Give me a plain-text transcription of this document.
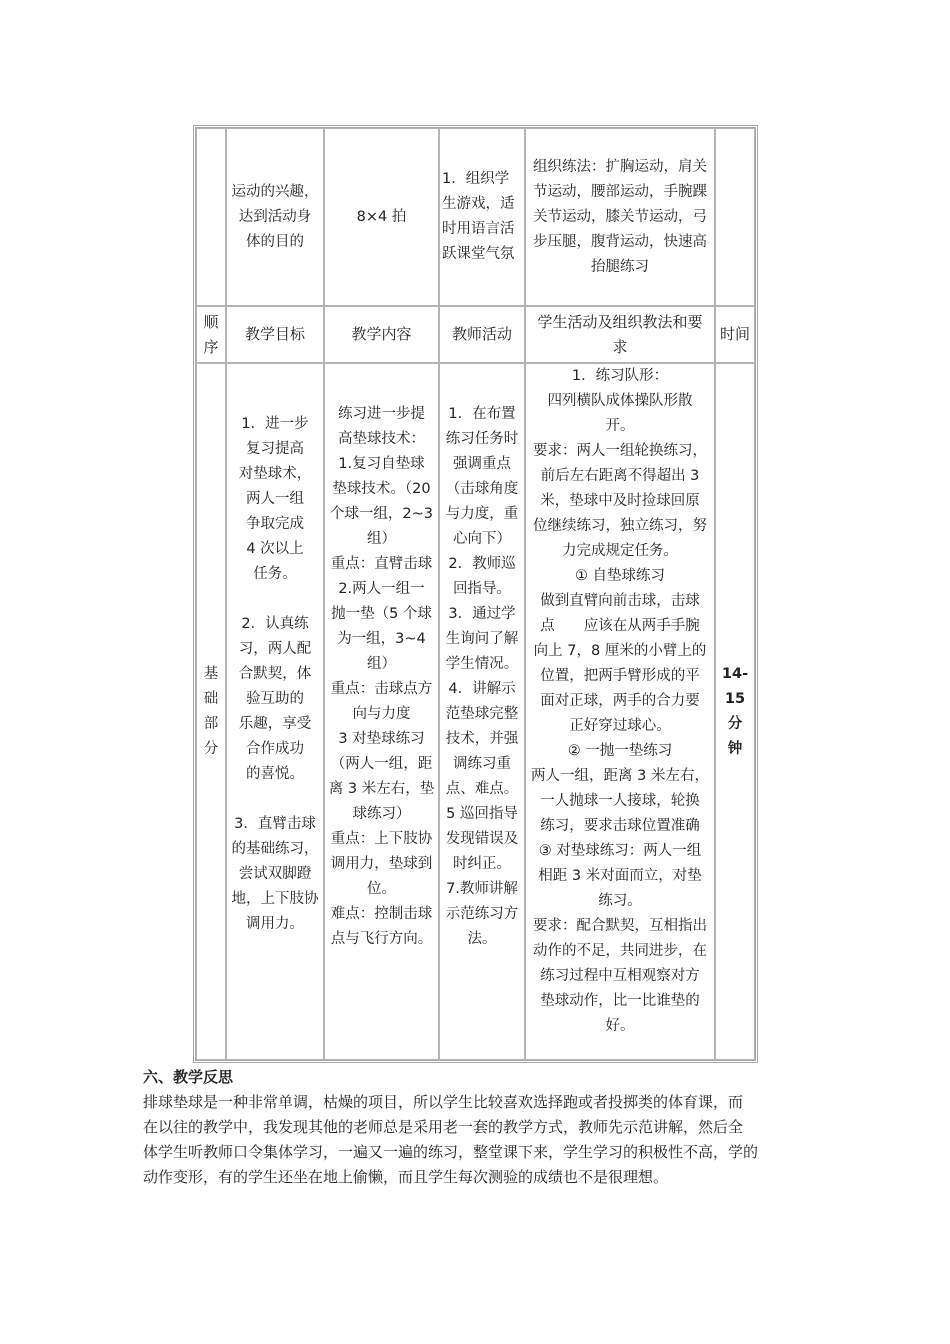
运动的兴趣，
达到活动身
体的目的
8×4 拍
1．组织学
生游戏，适
时用语言活
跃课堂气氛
组织练法：扩胸运动，肩关
节运动，腰部运动，手腕踝
关节运动，膝关节运动，弓
步压腿，腹背运动，快速高
抬腿练习
顺
序
教学目标	教学内容	教师活动
学生活动及组织教法和要
求
时间
基
础
部
分
1．进一步
复习提高
对垫球术，
两人一组
争取完成
4 次以上
任务。

2．认真练
习，两人配
合默契，体
验互助的
乐趣，享受
合作成功
的喜悦。

3．直臂击球
的基础练习，
尝试双脚蹬
地，上下肢协
调用力。
练习进一步提
高垫球技术：
1.复习自垫球
垫球技术。（20
个球一组，2~3
组）
重点：直臂击球
2.两人一组一
抛一垫（5 个球
为一组，3~4
组）
重点：击球点方
向与力度
3 对垫球练习
（两人一组，距
离 3 米左右，垫
球练习）
重点：上下肢协
调用力，垫球到
位。
难点：控制击球
点与飞行方向。
1．在布置
练习任务时
强调重点
（击球角度
与力度，重
心向下）
2．教师巡
回指导。
3．通过学
生询问了解
学生情况。
4．讲解示
范垫球完整
技术，并强
调练习重
点、难点。
5 巡回指导
发现错误及
时纠正。
7.教师讲解
示范练习方
法。
1．练习队形：
四列横队成体操队形散
开。
要求：两人一组轮换练习，
前后左右距离不得超出 3
米，垫球中及时捡球回原
位继续练习，独立练习，努
力完成规定任务。
① 自垫球练习
做到直臂向前击球，击球
点　　应该在从两手手腕
向上 7，8 厘米的小臂上的
位置，把两手臂形成的平
面对正球，两手的合力要
正好穿过球心。
② 一抛一垫练习
两人一组，距离 3 米左右，
一人抛球一人接球，轮换
练习，要求击球位置准确
③ 对垫球练习：两人一组
相距 3 米对面而立，对垫
练习。
要求：配合默契，互相指出
动作的不足，共同进步，在
练习过程中互相观察对方
垫球动作，比一比谁垫的
好。
14-
15
分
钟
六、教学反思

排球垫球是一种非常单调，枯燥的项目，所以学生比较喜欢选择跑或者投掷类的体育课，而

在以往的教学中，我发现其他的老师总是采用老一套的教学方式，教师先示范讲解，然后全

体学生听教师口令集体学习，一遍又一遍的练习，整堂课下来，学生学习的积极性不高，学的

动作变形，有的学生还坐在地上偷懒，而且学生每次测验的成绩也不是很理想。
